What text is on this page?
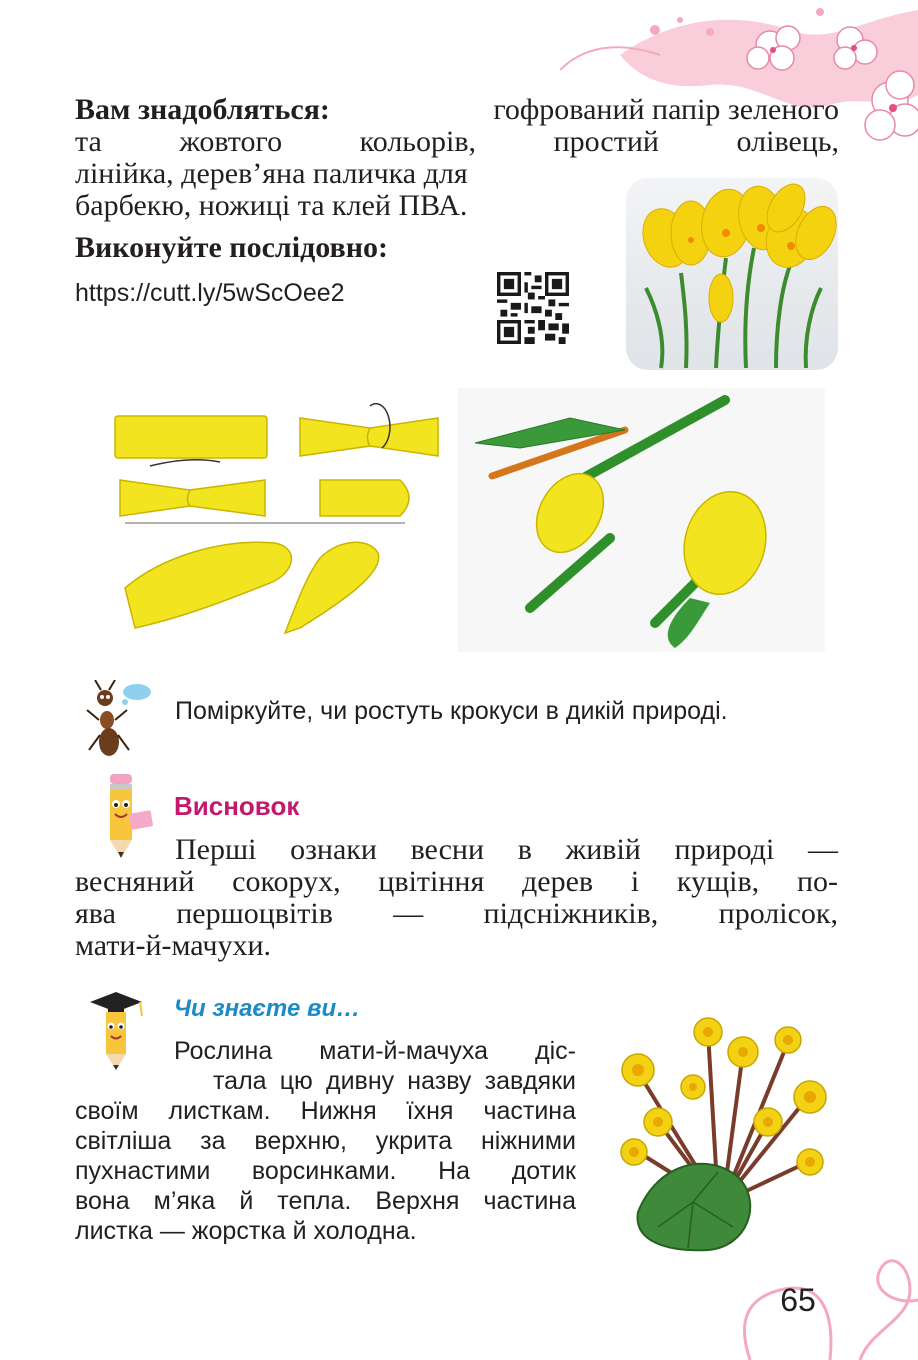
Вам знадобляться:	гофрований папір зеленого
та жовтого кольорів, простий олівець,
лінійка, дерев’яна паличка для
барбекю, ножиці та клей ПВА.
Виконуйте послідовно:
https://cutt.ly/5wScOee2
Поміркуйте, чи ростуть крокуси в дикій природі.
Висновок
Перші ознаки весни в живій природі —
весняний сокорух, цвітіння дерев і кущів, по-
ява першоцвітів — підсніжників, пролісок,
мати-й-мачухи.
Чи знаєте ви…
Рослина мати-й-мачуха діс-
тала цю дивну назву завдяки
своїм листкам. Нижня їхня частина
світліша за верхню, укрита ніжними
пухнастими ворсинками. На дотик
вона м’яка й тепла. Верхня частина
листка — жорстка й холодна.
65
